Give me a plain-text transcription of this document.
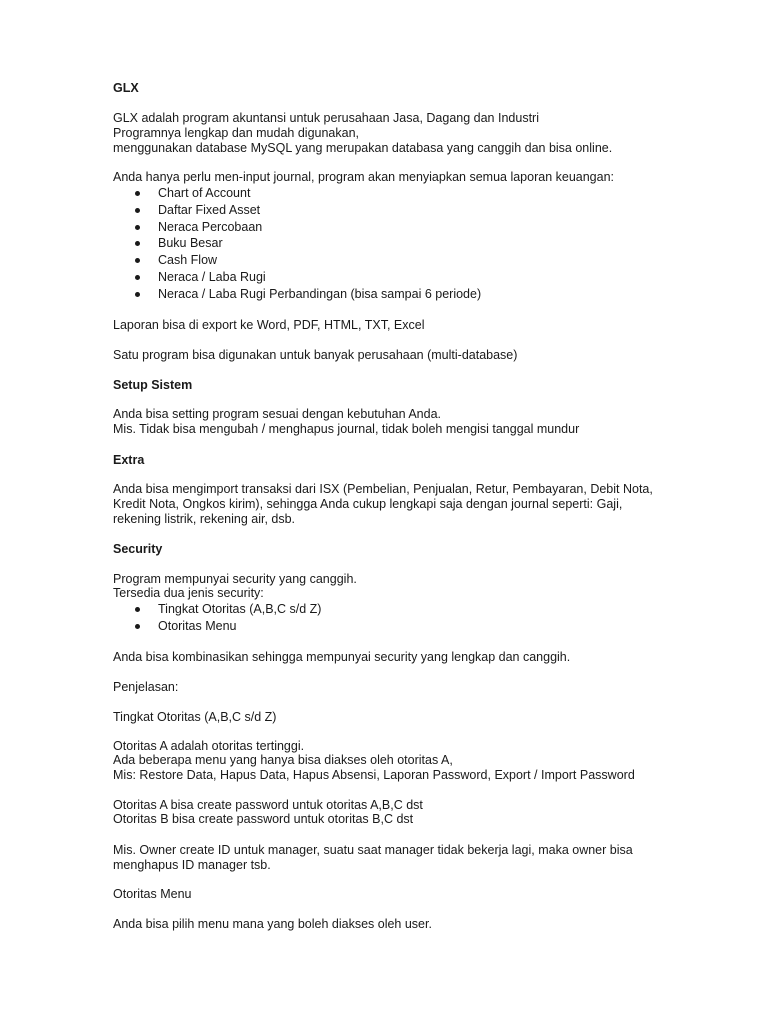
GLX
GLX adalah program akuntansi untuk perusahaan Jasa, Dagang dan Industri
Programnya lengkap dan mudah digunakan,
menggunakan database MySQL yang merupakan databasa yang canggih dan bisa online.
Anda hanya perlu men-input journal, program akan menyiapkan semua laporan keuangan:
Chart of Account
Daftar Fixed Asset
Neraca Percobaan
Buku Besar
Cash Flow
Neraca / Laba Rugi
Neraca / Laba Rugi Perbandingan (bisa sampai 6 periode)
Laporan bisa di export ke Word, PDF, HTML, TXT, Excel
Satu program bisa digunakan untuk banyak perusahaan (multi-database)
Setup Sistem
Anda bisa setting program sesuai dengan kebutuhan Anda.
Mis. Tidak bisa mengubah / menghapus journal, tidak boleh mengisi tanggal mundur
Extra
Anda bisa mengimport transaksi dari ISX (Pembelian, Penjualan, Retur, Pembayaran, Debit Nota,
Kredit Nota, Ongkos kirim), sehingga Anda cukup lengkapi saja dengan journal seperti: Gaji,
rekening listrik, rekening air, dsb.
Security
Program mempunyai security yang canggih.
Tersedia dua jenis security:
Tingkat Otoritas (A,B,C s/d Z)
Otoritas Menu
Anda bisa kombinasikan sehingga mempunyai security yang lengkap dan canggih.
Penjelasan:
Tingkat Otoritas (A,B,C s/d Z)
Otoritas A adalah otoritas tertinggi.
Ada beberapa menu yang hanya bisa diakses oleh otoritas A,
Mis: Restore Data, Hapus Data, Hapus Absensi, Laporan Password, Export / Import Password
Otoritas A bisa create password untuk otoritas A,B,C dst
Otoritas B bisa create password untuk otoritas B,C dst
Mis. Owner create ID untuk manager, suatu saat manager tidak bekerja lagi, maka owner bisa
menghapus ID manager tsb.
Otoritas Menu
Anda bisa pilih menu mana yang boleh diakses oleh user.
